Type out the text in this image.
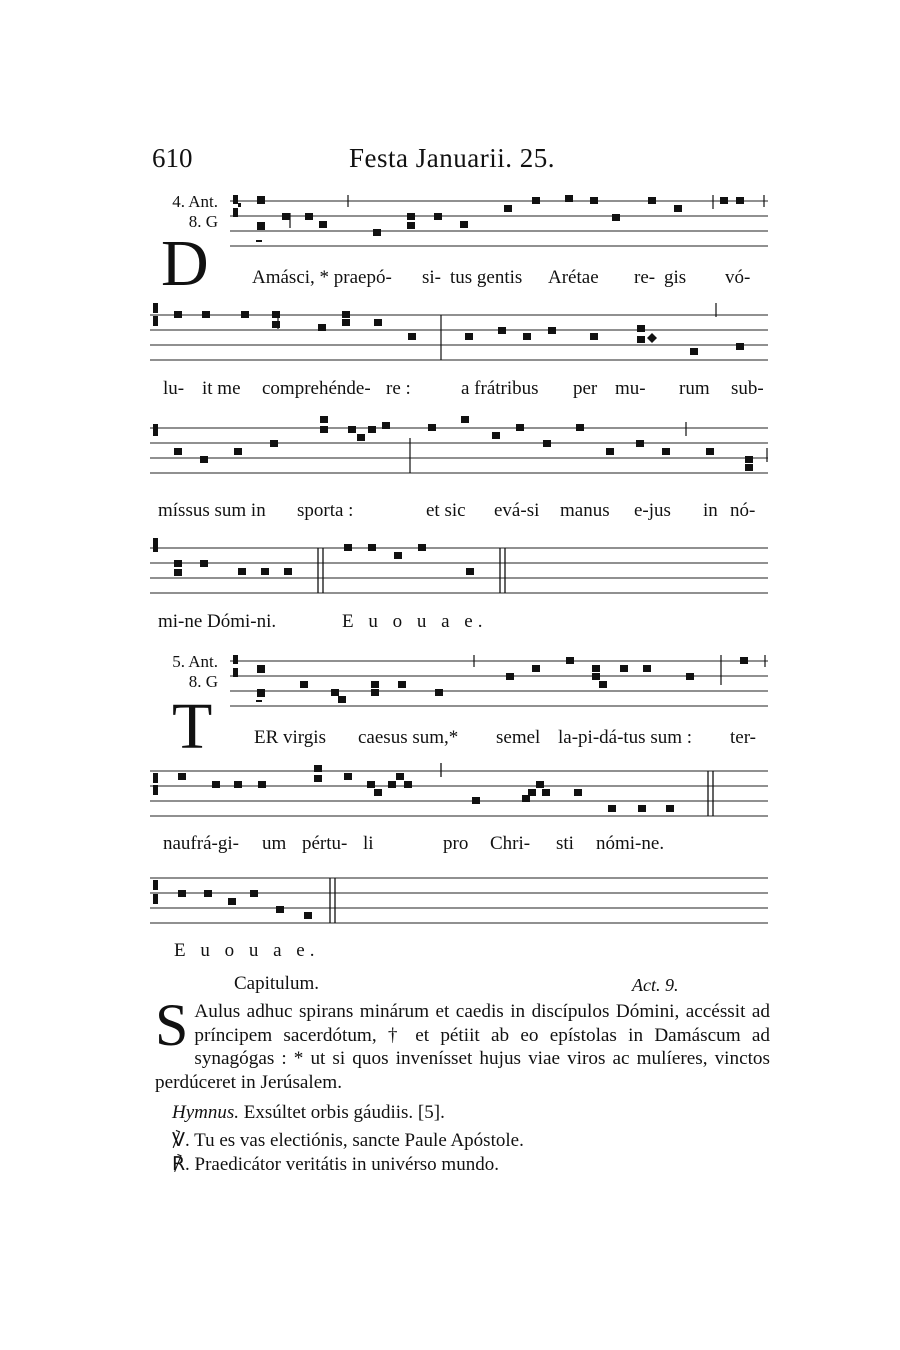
610	Festa Januarii. 25.
4. Ant.
8. G
D Amásci, * praepó- si- tus gentis Arétae re- gis vó-
lu- it me comprehénde- re :	a frátribus per mu- rum sub-
míssus sum in sporta :	et sic evá-si manus e-jus in nó-
mi-ne Dómi-ni.	E u o u a e.
5. Ant.
8. G
T ER virgis caesus sum,* semel la-pi-dá-tus sum : ter-
naufrá-gi- um pértu- li	pro Chri- sti nómi-ne.
E u o u a e.
Capitulum.	Act. 9.
S Aulus adhuc spirans minárum et caedis in discípulos Dómini, accéssit ad príncipem sacerdótum, † et pétiit ab eo epístolas in Damáscum ad synagógas : * ut si quos invenísset hujus viae viros ac mulíeres, vinctos perdúceret in Jerúsalem.

Hymnus. Exsúltet orbis gáudiis. [5].
℣. Tu es vas electiónis, sancte Paule Apóstole.
℟. Praedicátor veritátis in univérso mundo.
